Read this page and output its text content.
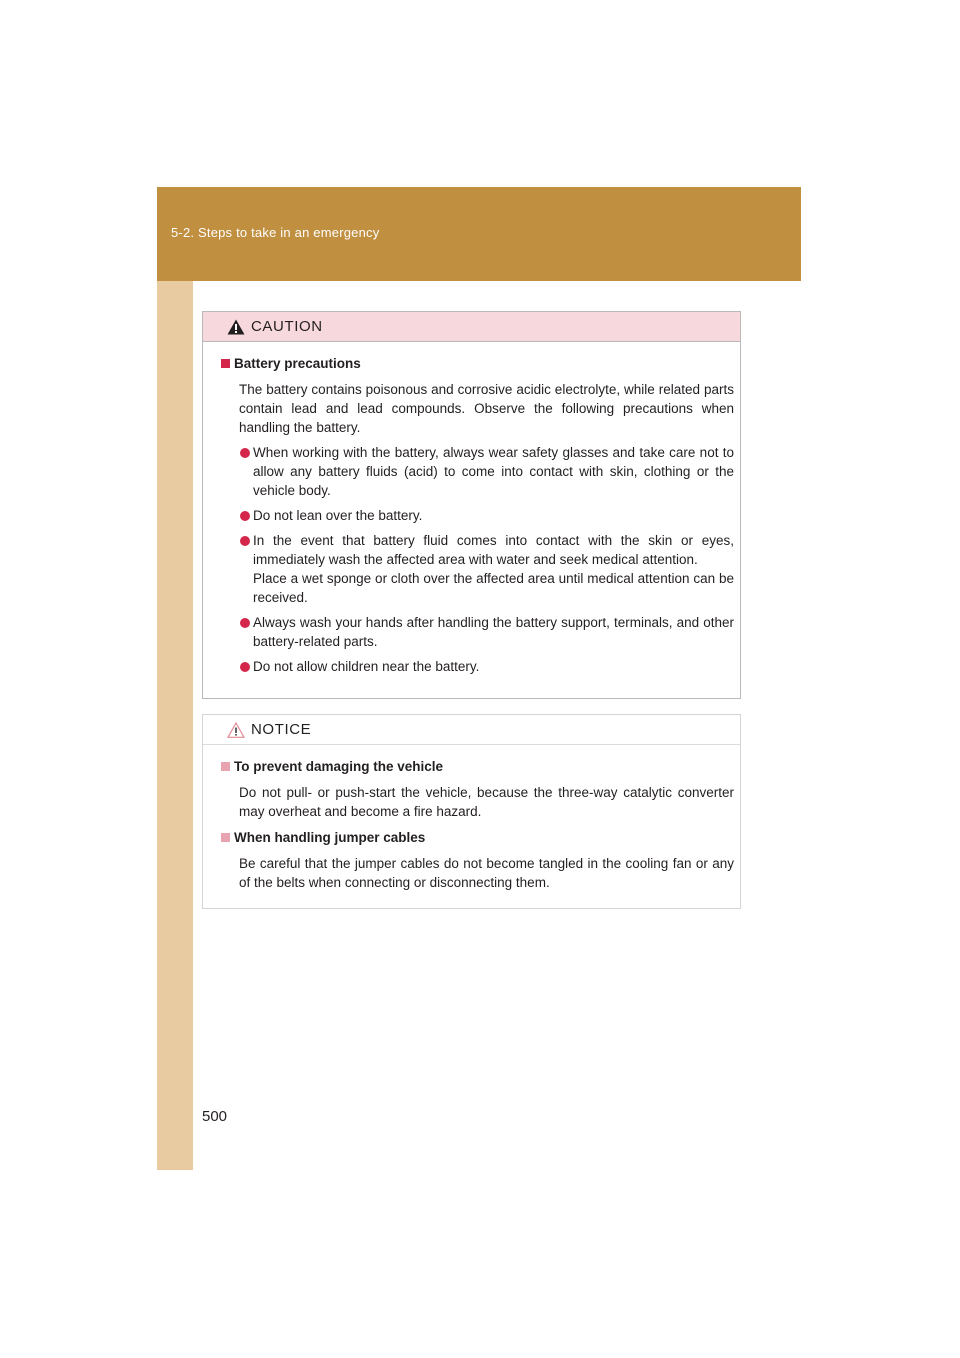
5-2. Steps to take in an emergency
CAUTION
Battery precautions
The battery contains poisonous and corrosive acidic electrolyte, while related parts contain lead and lead compounds. Observe the following precautions when handling the battery.
When working with the battery, always wear safety glasses and take care not to allow any battery fluids (acid) to come into contact with skin, clothing or the vehicle body.
Do not lean over the battery.
In the event that battery fluid comes into contact with the skin or eyes, immediately wash the affected area with water and seek medical attention.
Place a wet sponge or cloth over the affected area until medical attention can be received.
Always wash your hands after handling the battery support, terminals, and other battery-related parts.
Do not allow children near the battery.
NOTICE
To prevent damaging the vehicle
Do not pull- or push-start the vehicle, because the three-way catalytic converter may overheat and become a fire hazard.
When handling jumper cables
Be careful that the jumper cables do not become tangled in the cooling fan or any of the belts when connecting or disconnecting them.
500
